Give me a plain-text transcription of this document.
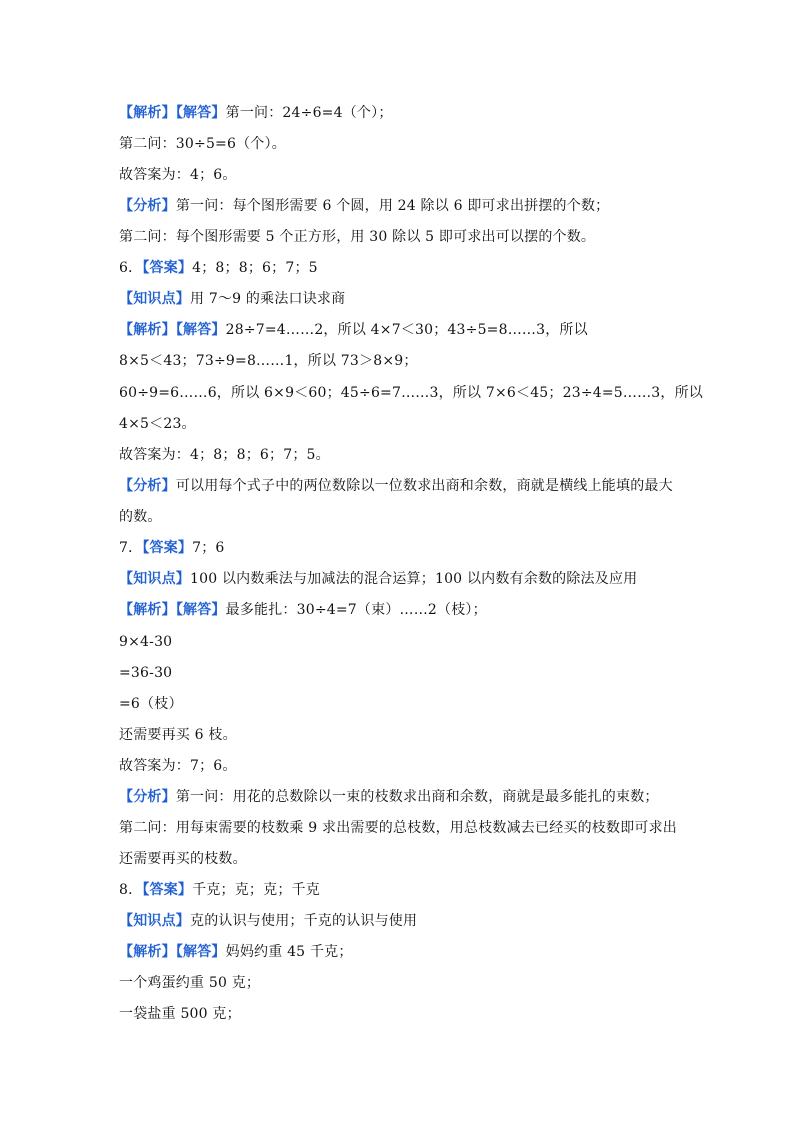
【解析】【解答】第一问：24÷6=4（个）；
第二问：30÷5=6（个）。
故答案为：4；6。
【分析】第一问：每个图形需要 6 个圆，用 24 除以 6 即可求出拼摆的个数；
第二问：每个图形需要 5 个正方形，用 30 除以 5 即可求出可以摆的个数。
6．【答案】4；8；8；6；7；5
【知识点】用 7～9 的乘法口诀求商
【解析】【解答】28÷7=4……2，所以 4×7＜30；43÷5=8……3，所以
8×5＜43；73÷9=8……1，所以 73＞8×9；
60÷9=6……6，所以 6×9＜60；45÷6=7……3，所以 7×6＜45；23÷4=5……3，所以
4×5＜23。
故答案为：4；8；8；6；7；5。
【分析】可以用每个式子中的两位数除以一位数求出商和余数，商就是横线上能填的最大
的数。
7．【答案】7；6
【知识点】100 以内数乘法与加减法的混合运算；100 以内数有余数的除法及应用
【解析】【解答】最多能扎：30÷4=7（束）……2（枝）；
9×4-30
=36-30
=6（枝）
还需要再买 6 枝。
故答案为：7；6。
【分析】第一问：用花的总数除以一束的枝数求出商和余数，商就是最多能扎的束数；
第二问：用每束需要的枝数乘 9 求出需要的总枝数，用总枝数减去已经买的枝数即可求出
还需要再买的枝数。
8．【答案】千克；克；克；千克
【知识点】克的认识与使用；千克的认识与使用
【解析】【解答】妈妈约重 45 千克；
一个鸡蛋约重 50 克；
一袋盐重 500 克；
